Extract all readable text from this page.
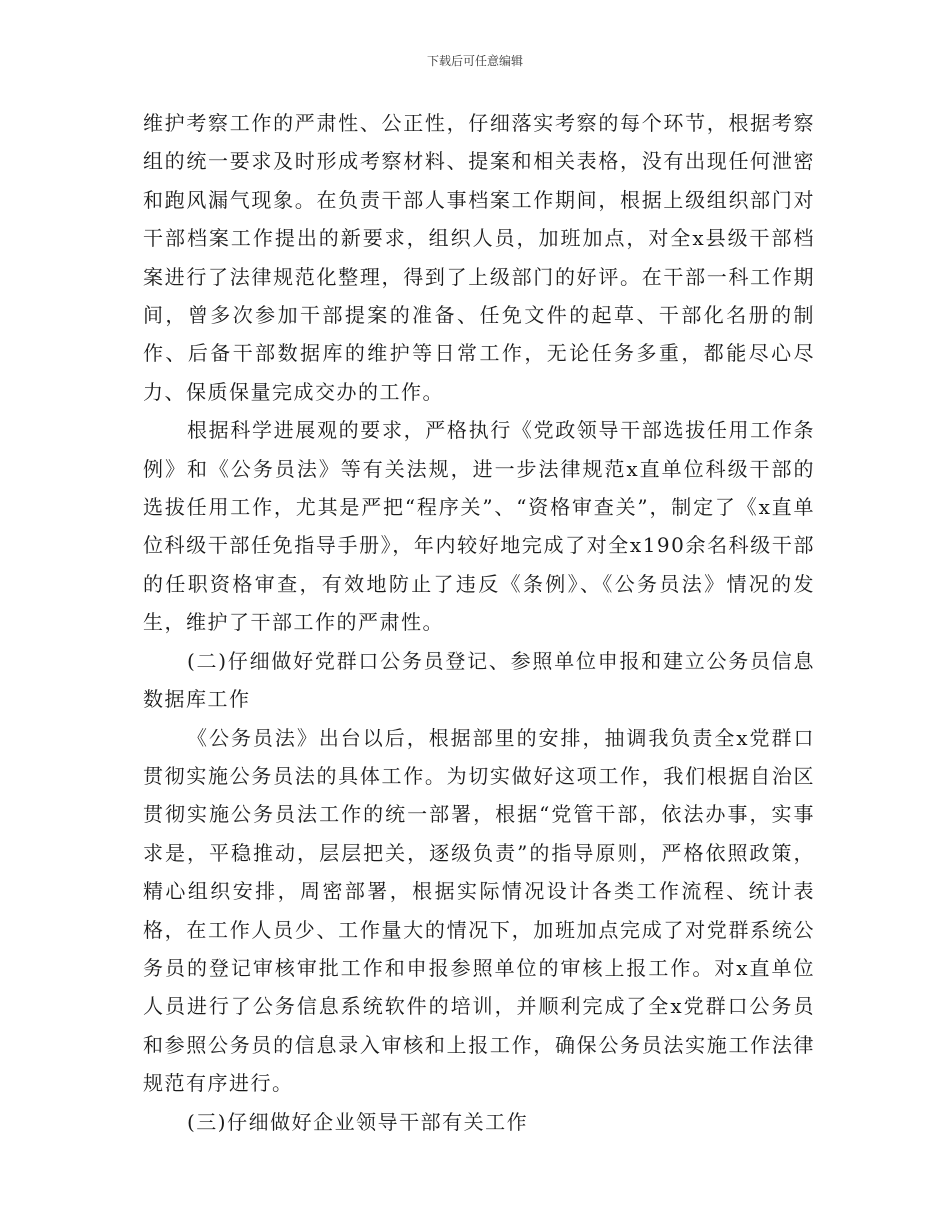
下载后可任意编辑

维护考察工作的严肃性、公正性，仔细落实考察的每个环节，根据考察组的统一要求及时形成考察材料、提案和相关表格，没有出现任何泄密和跑风漏气现象。在负责干部人事档案工作期间，根据上级组织部门对干部档案工作提出的新要求，组织人员，加班加点，对全x县级干部档案进行了法律规范化整理，得到了上级部门的好评。在干部一科工作期间，曾多次参加干部提案的准备、任免文件的起草、干部化名册的制作、后备干部数据库的维护等日常工作，无论任务多重，都能尽心尽力、保质保量完成交办的工作。

根据科学进展观的要求，严格执行《党政领导干部选拔任用工作条例》和《公务员法》等有关法规，进一步法律规范x直单位科级干部的选拔任用工作，尤其是严把“程序关”、“资格审查关”，制定了《x直单位科级干部任免指导手册》，年内较好地完成了对全x190余名科级干部的任职资格审查，有效地防止了违反《条例》、《公务员法》情况的发生，维护了干部工作的严肃性。

(二)仔细做好党群口公务员登记、参照单位申报和建立公务员信息数据库工作

《公务员法》出台以后，根据部里的安排，抽调我负责全x党群口贯彻实施公务员法的具体工作。为切实做好这项工作，我们根据自治区贯彻实施公务员法工作的统一部署，根据“党管干部，依法办事，实事求是，平稳推动，层层把关，逐级负责”的指导原则，严格依照政策，精心组织安排，周密部署，根据实际情况设计各类工作流程、统计表格，在工作人员少、工作量大的情况下，加班加点完成了对党群系统公务员的登记审核审批工作和申报参照单位的审核上报工作。对x直单位人员进行了公务信息系统软件的培训，并顺利完成了全x党群口公务员和参照公务员的信息录入审核和上报工作，确保公务员法实施工作法律规范有序进行。

(三)仔细做好企业领导干部有关工作
